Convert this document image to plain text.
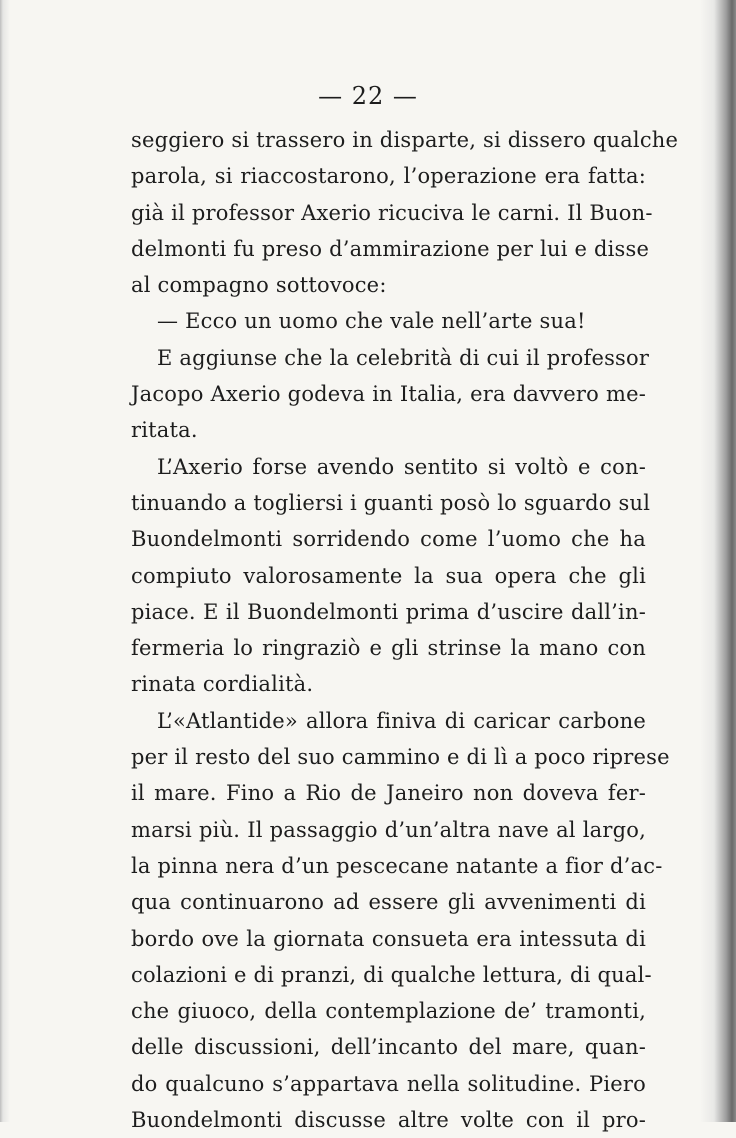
— 22 —
seggiero si trassero in disparte, si dissero qualche
parola, si riaccostarono, l’operazione era fatta:
già il professor Axerio ricuciva le carni. Il Buon-
delmonti fu preso d’ammirazione per lui e disse
al compagno sottovoce:
— Ecco un uomo che vale nell’arte sua!
E aggiunse che la celebrità di cui il professor
Jacopo Axerio godeva in Italia, era davvero me-
ritata.
L’Axerio forse avendo sentito si voltò e con-
tinuando a togliersi i guanti posò lo sguardo sul
Buondelmonti sorridendo come l’uomo che ha
compiuto valorosamente la sua opera che gli
piace. E il Buondelmonti prima d’uscire dall’in-
fermeria lo ringraziò e gli strinse la mano con
rinata cordialità.
L’«Atlantide» allora finiva di caricar carbone
per il resto del suo cammino e di lì a poco riprese
il mare. Fino a Rio de Janeiro non doveva fer-
marsi più. Il passaggio d’un’altra nave al largo,
la pinna nera d’un pescecane natante a fior d’ac-
qua continuarono ad essere gli avvenimenti di
bordo ove la giornata consueta era intessuta di
colazioni e di pranzi, di qualche lettura, di qual-
che giuoco, della contemplazione de’ tramonti,
delle discussioni, dell’incanto del mare, quan-
do qualcuno s’appartava nella solitudine. Piero
Buondelmonti discusse altre volte con il pro-
